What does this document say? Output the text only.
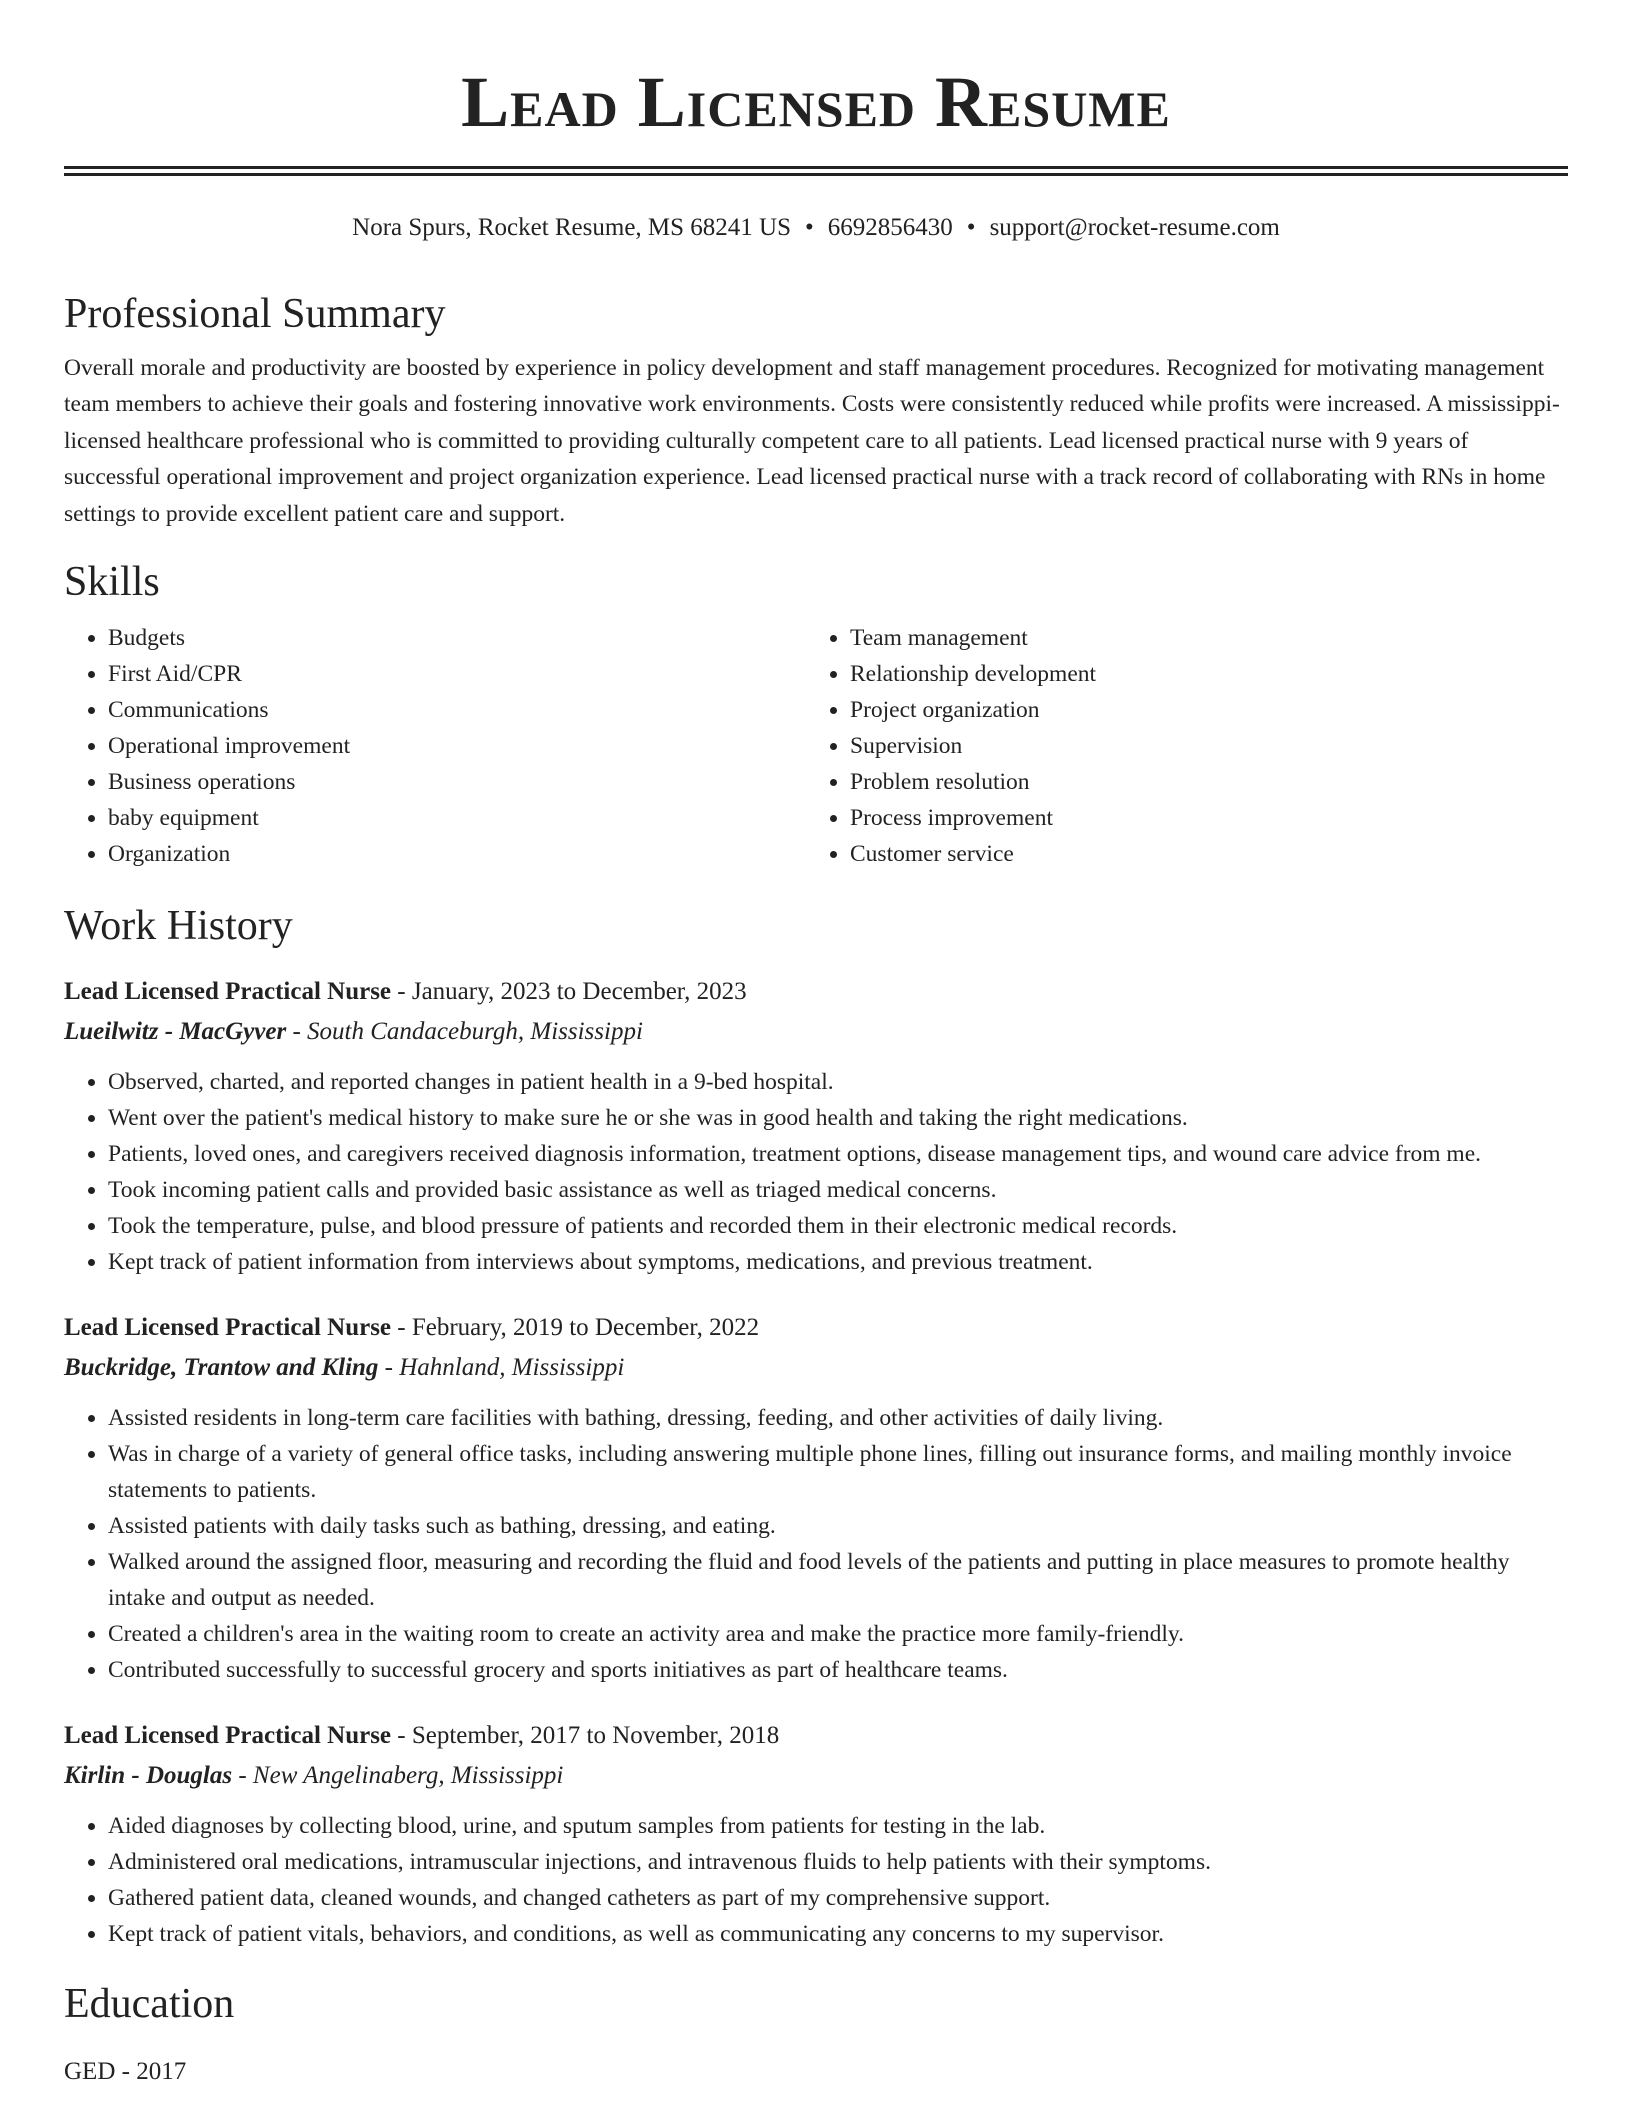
Lead Licensed Resume
Nora Spurs, Rocket Resume, MS 68241 US • 6692856430 • support@rocket-resume.com
Professional Summary
Overall morale and productivity are boosted by experience in policy development and staff management procedures. Recognized for motivating management team members to achieve their goals and fostering innovative work environments. Costs were consistently reduced while profits were increased. A mississippi-licensed healthcare professional who is committed to providing culturally competent care to all patients. Lead licensed practical nurse with 9 years of successful operational improvement and project organization experience. Lead licensed practical nurse with a track record of collaborating with RNs in home settings to provide excellent patient care and support.
Skills
• Budgets
• First Aid/CPR
• Communications
• Operational improvement
• Business operations
• baby equipment
• Organization
• Team management
• Relationship development
• Project organization
• Supervision
• Problem resolution
• Process improvement
• Customer service
Work History
Lead Licensed Practical Nurse - January, 2023 to December, 2023
Lueilwitz - MacGyver - South Candaceburgh, Mississippi
• Observed, charted, and reported changes in patient health in a 9-bed hospital.
• Went over the patient's medical history to make sure he or she was in good health and taking the right medications.
• Patients, loved ones, and caregivers received diagnosis information, treatment options, disease management tips, and wound care advice from me.
• Took incoming patient calls and provided basic assistance as well as triaged medical concerns.
• Took the temperature, pulse, and blood pressure of patients and recorded them in their electronic medical records.
• Kept track of patient information from interviews about symptoms, medications, and previous treatment.
Lead Licensed Practical Nurse - February, 2019 to December, 2022
Buckridge, Trantow and Kling - Hahnland, Mississippi
• Assisted residents in long-term care facilities with bathing, dressing, feeding, and other activities of daily living.
• Was in charge of a variety of general office tasks, including answering multiple phone lines, filling out insurance forms, and mailing monthly invoice statements to patients.
• Assisted patients with daily tasks such as bathing, dressing, and eating.
• Walked around the assigned floor, measuring and recording the fluid and food levels of the patients and putting in place measures to promote healthy intake and output as needed.
• Created a children's area in the waiting room to create an activity area and make the practice more family-friendly.
• Contributed successfully to successful grocery and sports initiatives as part of healthcare teams.
Lead Licensed Practical Nurse - September, 2017 to November, 2018
Kirlin - Douglas - New Angelinaberg, Mississippi
• Aided diagnoses by collecting blood, urine, and sputum samples from patients for testing in the lab.
• Administered oral medications, intramuscular injections, and intravenous fluids to help patients with their symptoms.
• Gathered patient data, cleaned wounds, and changed catheters as part of my comprehensive support.
• Kept track of patient vitals, behaviors, and conditions, as well as communicating any concerns to my supervisor.
Education
GED - 2017
